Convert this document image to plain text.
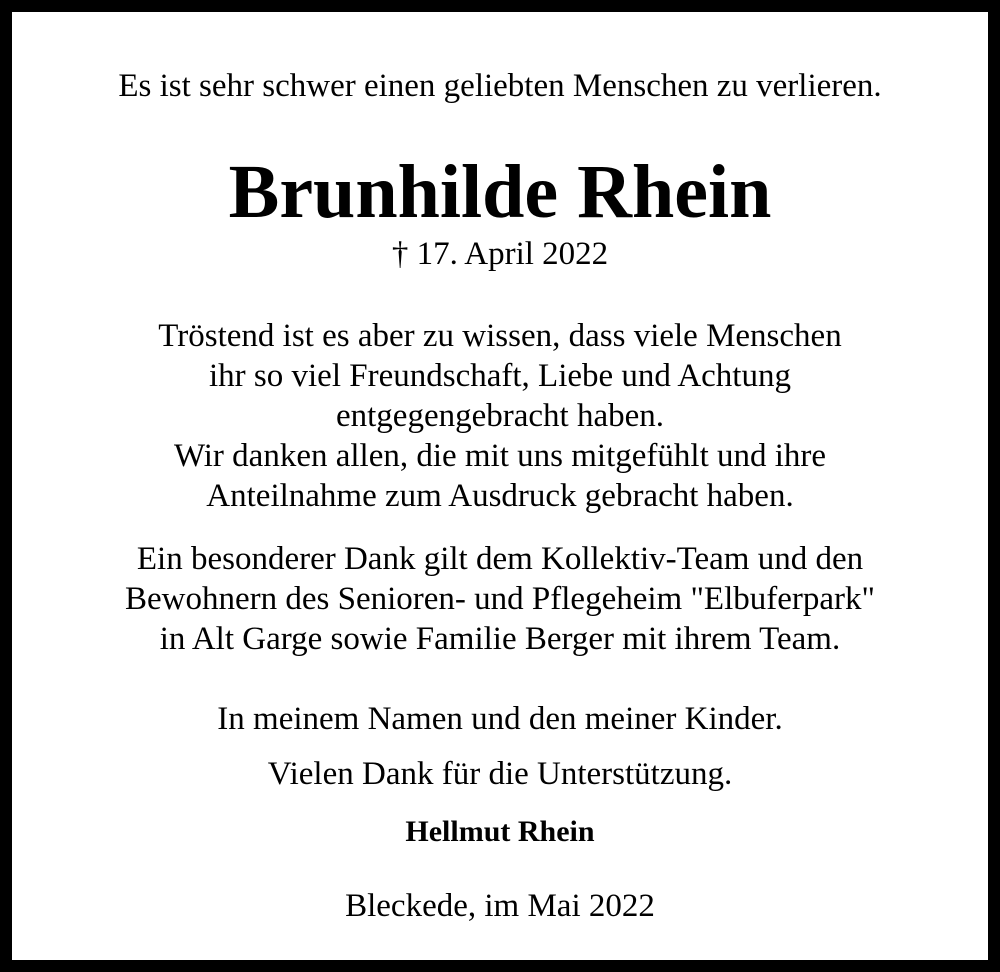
Es ist sehr schwer einen geliebten Menschen zu verlieren.
Brunhilde Rhein
† 17. April 2022
Tröstend ist es aber zu wissen, dass viele Menschen
ihr so viel Freundschaft, Liebe und Achtung
entgegengebracht haben.
Wir danken allen, die mit uns mitgefühlt und ihre
Anteilnahme zum Ausdruck gebracht haben.
Ein besonderer Dank gilt dem Kollektiv-Team und den
Bewohnern des Senioren- und Pflegeheim "Elbuferpark"
in Alt Garge sowie Familie Berger mit ihrem Team.
In meinem Namen und den meiner Kinder.
Vielen Dank für die Unterstützung.
Hellmut Rhein
Bleckede, im Mai 2022
